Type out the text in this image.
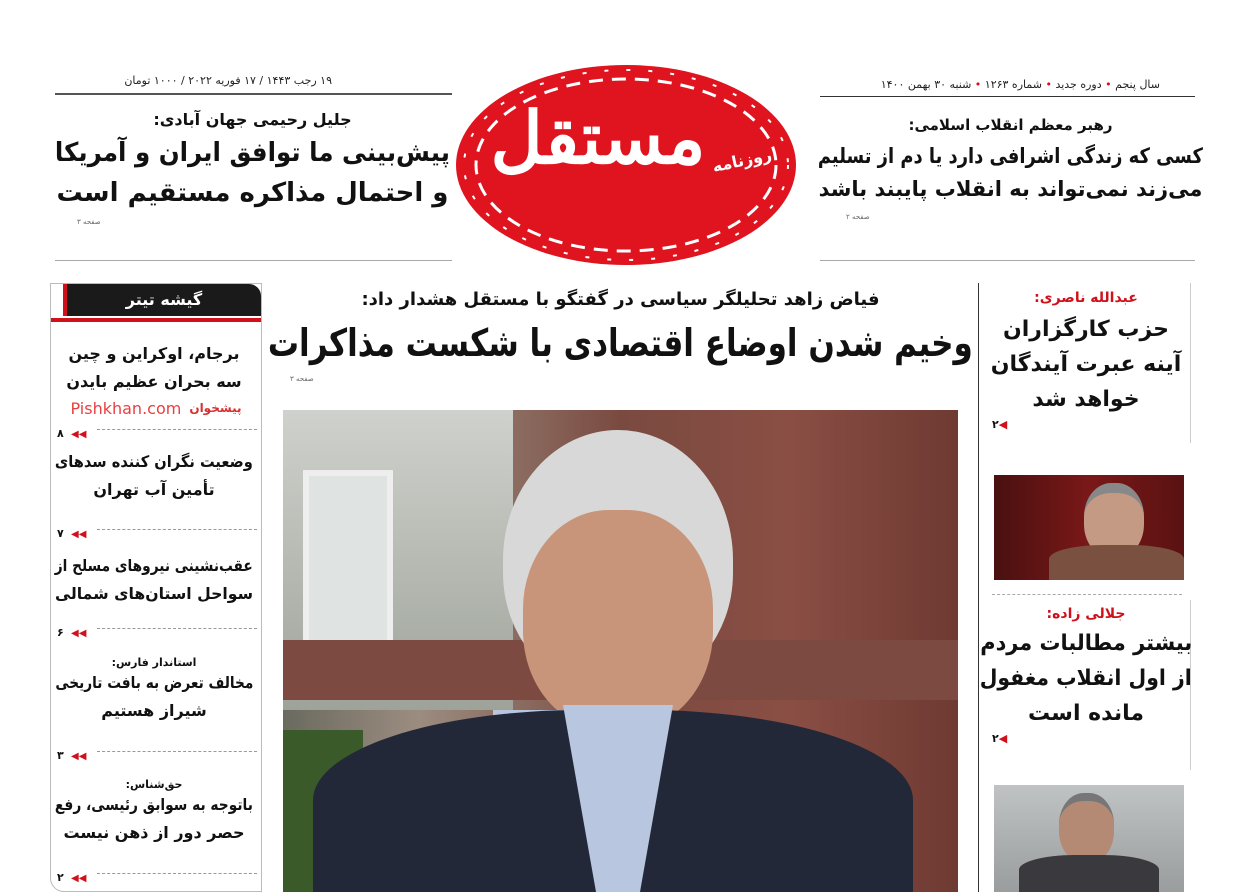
۱۹ رجب ۱۴۴۳ / ۱۷ فوریه ۲۰۲۲ / ۱۰۰۰ تومان	سال پنجم • دوره جدید • شماره ۱۲۶۳ • شنبه ۳۰ بهمن ۱۴۰۰
جلیل رحیمی جهان آبادی:
پیش‌بینی ما توافق ایران و آمریکا
و احتمال مذاکره مستقیم است
صفحه ۳
رهبر معظم انقلاب اسلامی:
کسی که زندگی اشرافی دارد یا دم از تسلیم
می‌زند نمی‌تواند به انقلاب پایبند باشد
صفحه ۲
مستقل روزنامه
گیشه تیتر
برجام، اوکراین و چین
سه بحران عظیم بایدن
Pishkhan.com پیشخوان
۸ ◀◀
وضعیت نگران کننده سدهای
تأمین آب تهران
۷ ◀◀
عقب‌نشینی نیروهای مسلح از
سواحل استان‌های شمالی
۶ ◀◀
استاندار فارس:
مخالف تعرض به بافت تاریخی
شیراز هستیم
۳ ◀◀
حق‌شناس:
باتوجه به سوابق رئیسی، رفع
حصر دور از ذهن نیست
۲ ◀◀
فیاض زاهد تحلیلگر سیاسی در گفتگو با مستقل هشدار داد:
وخیم شدن اوضاع اقتصادی با شکست مذاکرات
صفحه ۳
عبدالله ناصری:
حزب کارگزاران
آینه عبرت آیندگان
خواهد شد
۲◀
جلالی زاده:
بیشتر مطالبات مردم
از اول انقلاب مغفول
مانده است
۲◀
